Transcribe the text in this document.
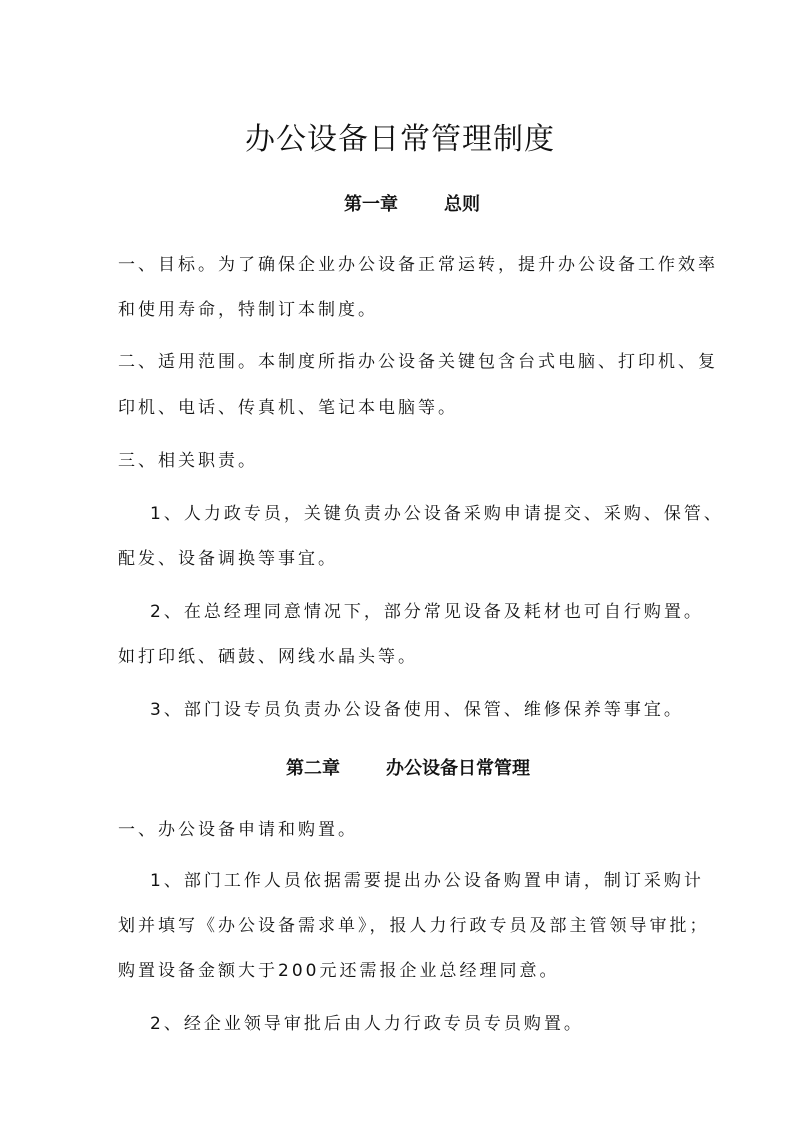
办公设备日常管理制度
第一章	总则
一、目标。为了确保企业办公设备正常运转，提升办公设备工作效率
和使用寿命，特制订本制度。
二、适用范围。本制度所指办公设备关键包含台式电脑、打印机、复
印机、电话、传真机、笔记本电脑等。
三、相关职责。
1、人力政专员，关键负责办公设备采购申请提交、采购、保管、
配发、设备调换等事宜。
2、在总经理同意情况下，部分常见设备及耗材也可自行购置。
如打印纸、硒鼓、网线水晶头等。
3、部门设专员负责办公设备使用、保管、维修保养等事宜。
第二章	办公设备日常管理
一、办公设备申请和购置。
1、部门工作人员依据需要提出办公设备购置申请，制订采购计
划并填写《办公设备需求单》，报人力行政专员及部主管领导审批；
购置设备金额大于200元还需报企业总经理同意。
2、经企业领导审批后由人力行政专员专员购置。
